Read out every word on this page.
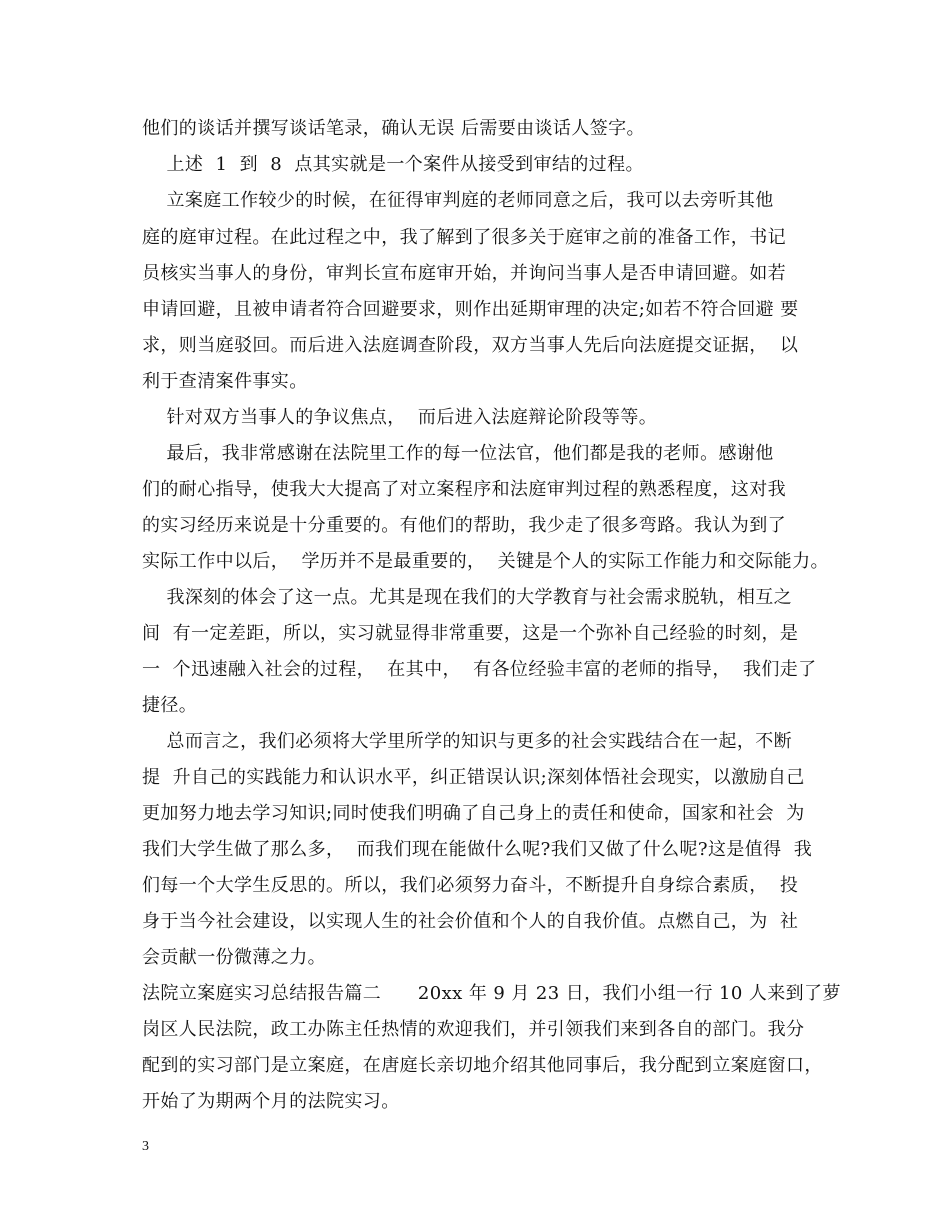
他们的谈话并撰写谈话笔录，确认无误 后需要由谈话人签字。
上述  1  到  8  点其实就是一个案件从接受到审结的过程。
立案庭工作较少的时候，在征得审判庭的老师同意之后，我可以去旁听其他
庭的庭审过程。在此过程之中，我了解到了很多关于庭审之前的准备工作，书记
员核实当事人的身份，审判长宣布庭审开始，并询问当事人是否申请回避。如若
申请回避，且被申请者符合回避要求，则作出延期审理的决定;如若不符合回避 要
求，则当庭驳回。而后进入法庭调查阶段，双方当事人先后向法庭提交证据，  以
利于查清案件事实。
针对双方当事人的争议焦点，  而后进入法庭辩论阶段等等。
最后，我非常感谢在法院里工作的每一位法官，他们都是我的老师。感谢他
们的耐心指导，使我大大提高了对立案程序和法庭审判过程的熟悉程度，这对我
的实习经历来说是十分重要的。有他们的帮助，我少走了很多弯路。我认为到了
实际工作中以后，  学历并不是最重要的，  关键是个人的实际工作能力和交际能力。
我深刻的体会了这一点。尤其是现在我们的大学教育与社会需求脱轨，相互之
间  有一定差距，所以，实习就显得非常重要，这是一个弥补自己经验的时刻，是
一  个迅速融入社会的过程，  在其中，  有各位经验丰富的老师的指导，  我们走了
捷径。
总而言之，我们必须将大学里所学的知识与更多的社会实践结合在一起，不断
提  升自己的实践能力和认识水平，纠正错误认识;深刻体悟社会现实，以激励自己
更加努力地去学习知识;同时使我们明确了自己身上的责任和使命，国家和社会  为
我们大学生做了那么多，  而我们现在能做什么呢?我们又做了什么呢?这是值得  我
们每一个大学生反思的。所以，我们必须努力奋斗，不断提升自身综合素质，  投
身于当今社会建设，以实现人生的社会价值和个人的自我价值。点燃自己，为  社
会贡献一份微薄之力。
法院立案庭实习总结报告篇二      20xx 年 9 月 23 日，我们小组一行 10 人来到了萝
岗区人民法院，政工办陈主任热情的欢迎我们，并引领我们来到各自的部门。我分
配到的实习部门是立案庭，在唐庭长亲切地介绍其他同事后，我分配到立案庭窗口，
开始了为期两个月的法院实习。
3
